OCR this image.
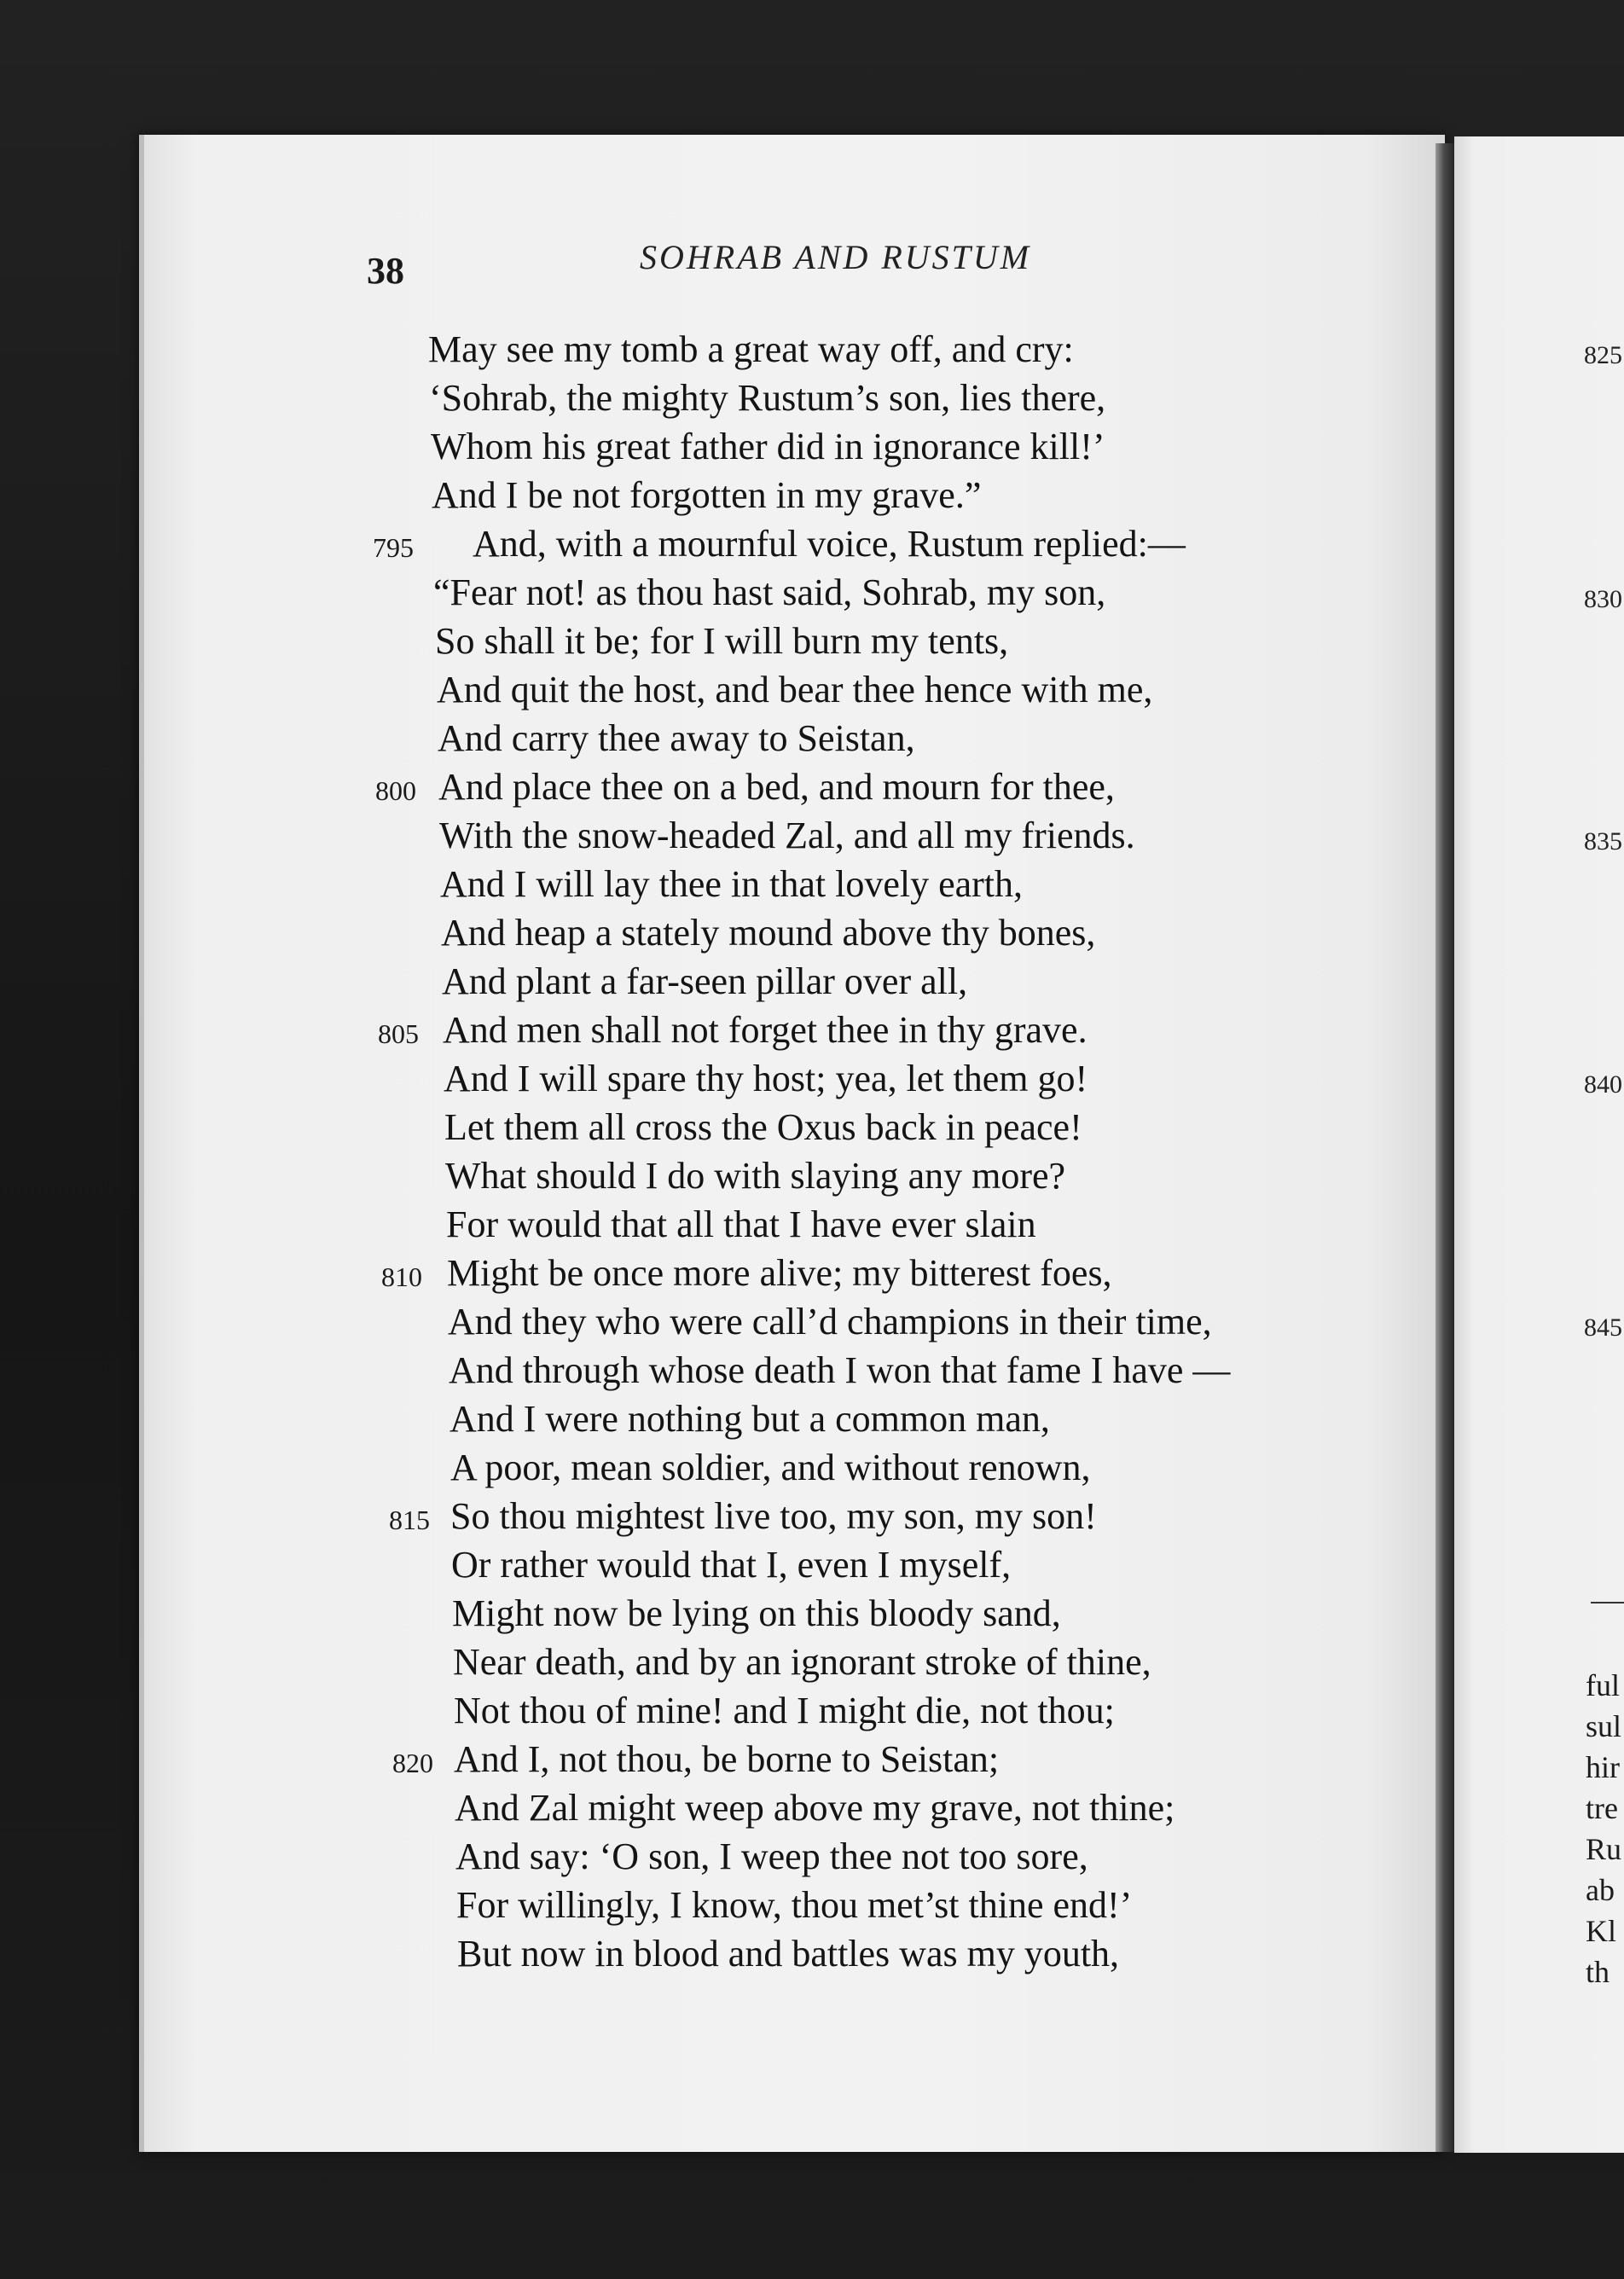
825
830
835
840
845
ful
sul
hir
tre
Ru
ab
Kl
th
38	SOHRAB AND RUSTUM
May see my tomb a great way off, and cry:
‘Sohrab, the mighty Rustum’s son, lies there,
Whom his great father did in ignorance kill!’
And I be not forgotten in my grave.”
And, with a mournful voice, Rustum replied:—
“Fear not! as thou hast said, Sohrab, my son,
So shall it be; for I will burn my tents,
And quit the host, and bear thee hence with me,
And carry thee away to Seistan,
And place thee on a bed, and mourn for thee,
With the snow-headed Zal, and all my friends.
And I will lay thee in that lovely earth,
And heap a stately mound above thy bones,
And plant a far-seen pillar over all,
And men shall not forget thee in thy grave.
And I will spare thy host; yea, let them go!
Let them all cross the Oxus back in peace!
What should I do with slaying any more?
For would that all that I have ever slain
Might be once more alive; my bitterest foes,
And they who were call’d champions in their time,
And through whose death I won that fame I have —
And I were nothing but a common man,
A poor, mean soldier, and without renown,
So thou mightest live too, my son, my son!
Or rather would that I, even I myself,
Might now be lying on this bloody sand,
Near death, and by an ignorant stroke of thine,
Not thou of mine! and I might die, not thou;
And I, not thou, be borne to Seistan;
And Zal might weep above my grave, not thine;
And say: ‘O son, I weep thee not too sore,
For willingly, I know, thou met’st thine end!’
But now in blood and battles was my youth,
795
800
805
810
815
820
